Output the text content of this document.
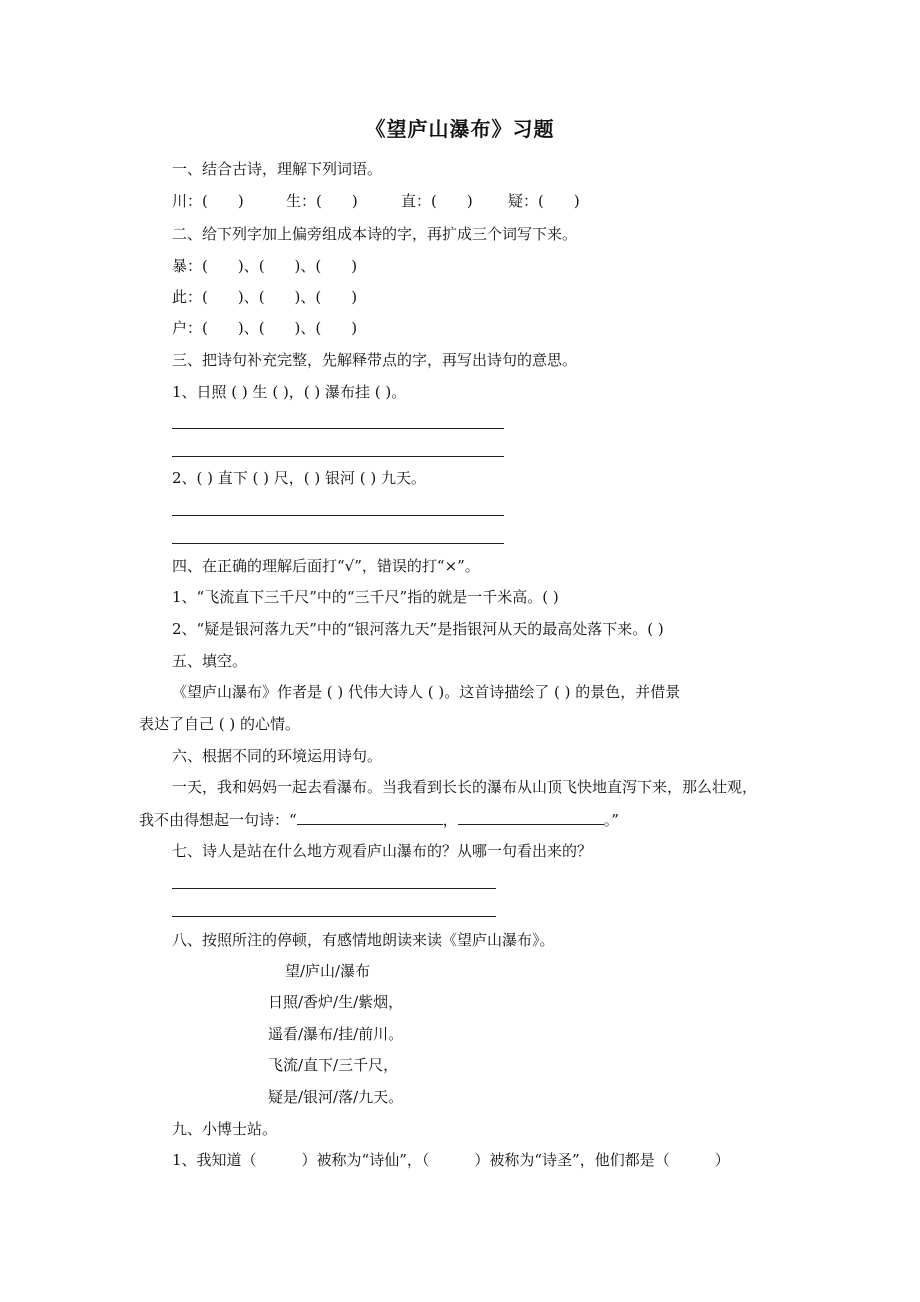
《望庐山瀑布》习题
一、结合古诗，理解下列词语。
川：(　　)	生：(　　)	直：(　　) 疑：(　　)
二、给下列字加上偏旁组成本诗的字，再扩成三个词写下来。
暴：(　　)、(　　)、(　　)
此：(　　)、(　　)、(　　)
户：(　　)、(　　)、(　　)
三、把诗句补充完整，先解释带点的字，再写出诗句的意思。
1、日照 ( ) 生 ( )，( ) 瀑布挂 ( )。
2、( ) 直下 ( ) 尺，( ) 银河 ( ) 九天。
四、在正确的理解后面打“√”，错误的打“×”。
1、“飞流直下三千尺”中的“三千尺”指的就是一千米高。( )
2、“疑是银河落九天”中的“银河落九天”是指银河从天的最高处落下来。( )
五、填空。
《望庐山瀑布》作者是 ( ) 代伟大诗人 ( )。这首诗描绘了 ( ) 的景色，并借景
表达了自己 ( ) 的心情。
六、根据不同的环境运用诗句。
一天，我和妈妈一起去看瀑布。当我看到长长的瀑布从山顶飞快地直泻下来，那么壮观，
我不由得想起一句诗：“	，	。”
七、诗人是站在什么地方观看庐山瀑布的？从哪一句看出来的？
八、按照所注的停顿，有感情地朗读来读《望庐山瀑布》。
望/庐山/瀑布
日照/香炉/生/紫烟，
遥看/瀑布/挂/前川。
飞流/直下/三千尺，
疑是/银河/落/九天。
九、小博士站。
1、我知道（　　　）被称为“诗仙”，（　　　）被称为“诗圣”，他们都是（　　　）
